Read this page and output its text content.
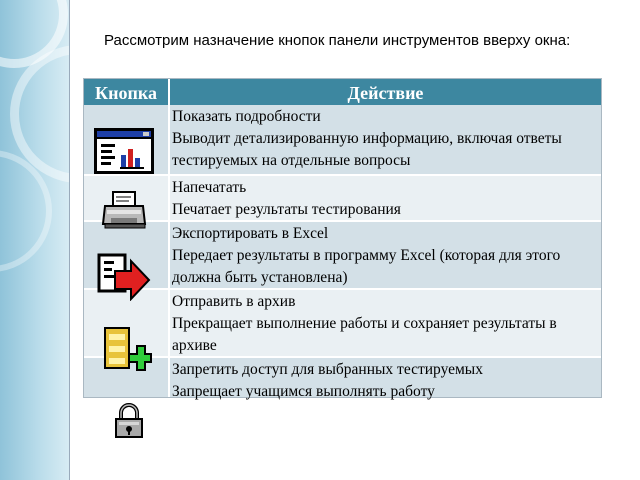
Рассмотрим назначение кнопок панели инструментов вверху окна:
Кнопка	Действие
Показать подробности
Выводит детализированную информацию, включая ответы тестируемых на отдельные вопросы
Напечатать
Печатает результаты тестирования
Экспортировать в Excel
Передает результаты в программу Excel (которая для этого должна быть установлена)
Отправить в архив
Прекращает выполнение работы и сохраняет результаты в архиве
Запретить доступ для выбранных тестируемых
Запрещает учащимся выполнять работу
